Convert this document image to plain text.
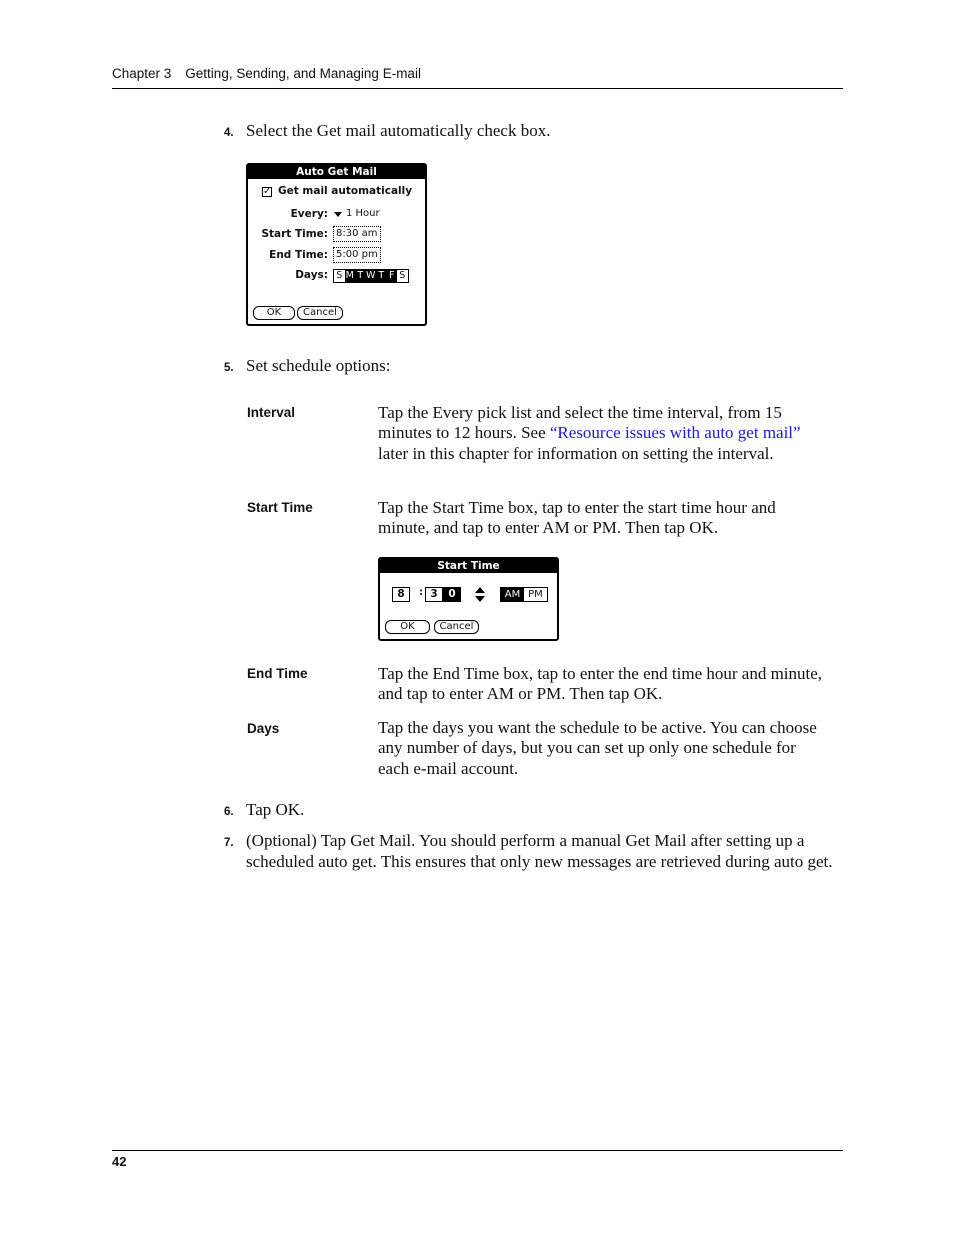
Chapter 3 Getting, Sending, and Managing E-mail
4. Select the Get mail automatically check box.
Auto Get Mail
✓ Get mail automatically
Every: 1 Hour
Start Time: 8:30 am
End Time: 5:00 pm
Days: S M T W T F S
OK	Cancel
5. Set schedule options:
Interval	Tap the Every pick list and select the time interval, from 15 minutes to 12 hours. See “Resource issues with auto get mail” later in this chapter for information on setting the interval.
Start Time	Tap the Start Time box, tap to enter the start time hour and minute, and tap to enter AM or PM. Then tap OK.
Start Time
8	: 3	0	AM PM
OK	Cancel
End Time	Tap the End Time box, tap to enter the end time hour and minute, and tap to enter AM or PM. Then tap OK.
Days	Tap the days you want the schedule to be active. You can choose any number of days, but you can set up only one schedule for each e-mail account.
6. Tap OK.
7. (Optional) Tap Get Mail. You should perform a manual Get Mail after setting up a scheduled auto get. This ensures that only new messages are retrieved during auto get.
42
